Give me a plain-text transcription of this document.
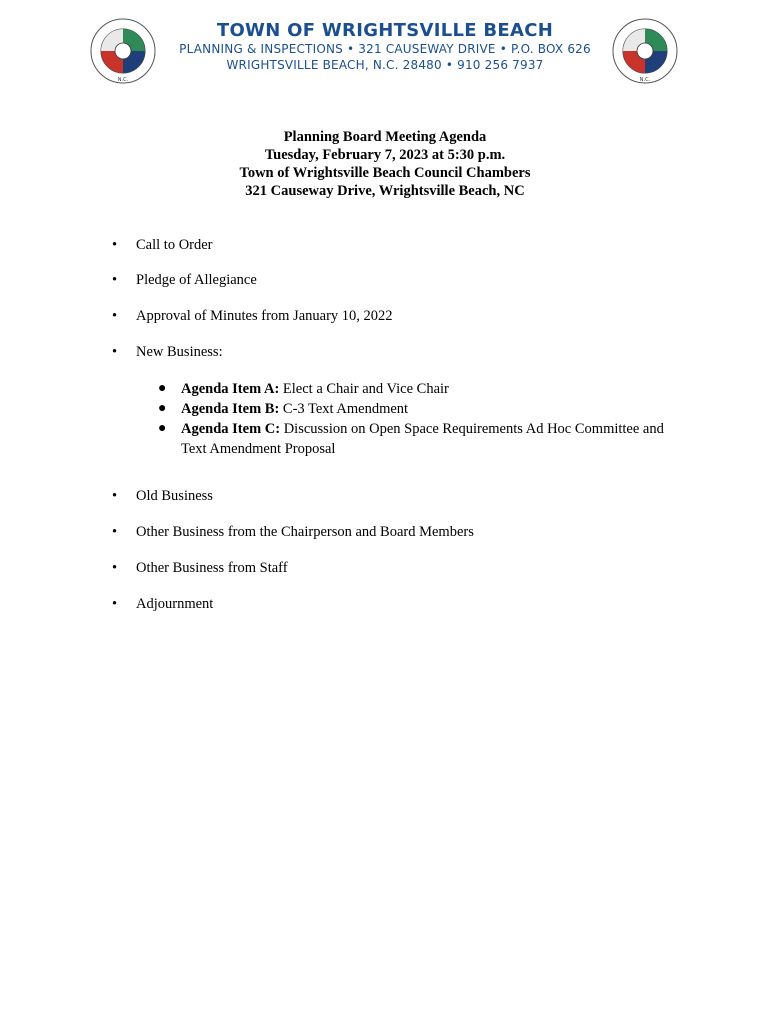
N.C.	N.C.
TOWN OF WRIGHTSVILLE BEACH
PLANNING & INSPECTIONS • 321 CAUSEWAY DRIVE • P.O. BOX 626
WRIGHTSVILLE BEACH, N.C. 28480 • 910 256 7937
Planning Board Meeting Agenda
Tuesday, February 7, 2023 at 5:30 p.m.
Town of Wrightsville Beach Council Chambers
321 Causeway Drive, Wrightsville Beach, NC
• Call to Order
• Pledge of Allegiance
• Approval of Minutes from January 10, 2022
• New Business:
● Agenda Item A: Elect a Chair and Vice Chair
● Agenda Item B: C-3 Text Amendment
● Agenda Item C: Discussion on Open Space Requirements Ad Hoc Committee and Text Amendment Proposal
• Old Business
• Other Business from the Chairperson and Board Members
• Other Business from Staff
• Adjournment
